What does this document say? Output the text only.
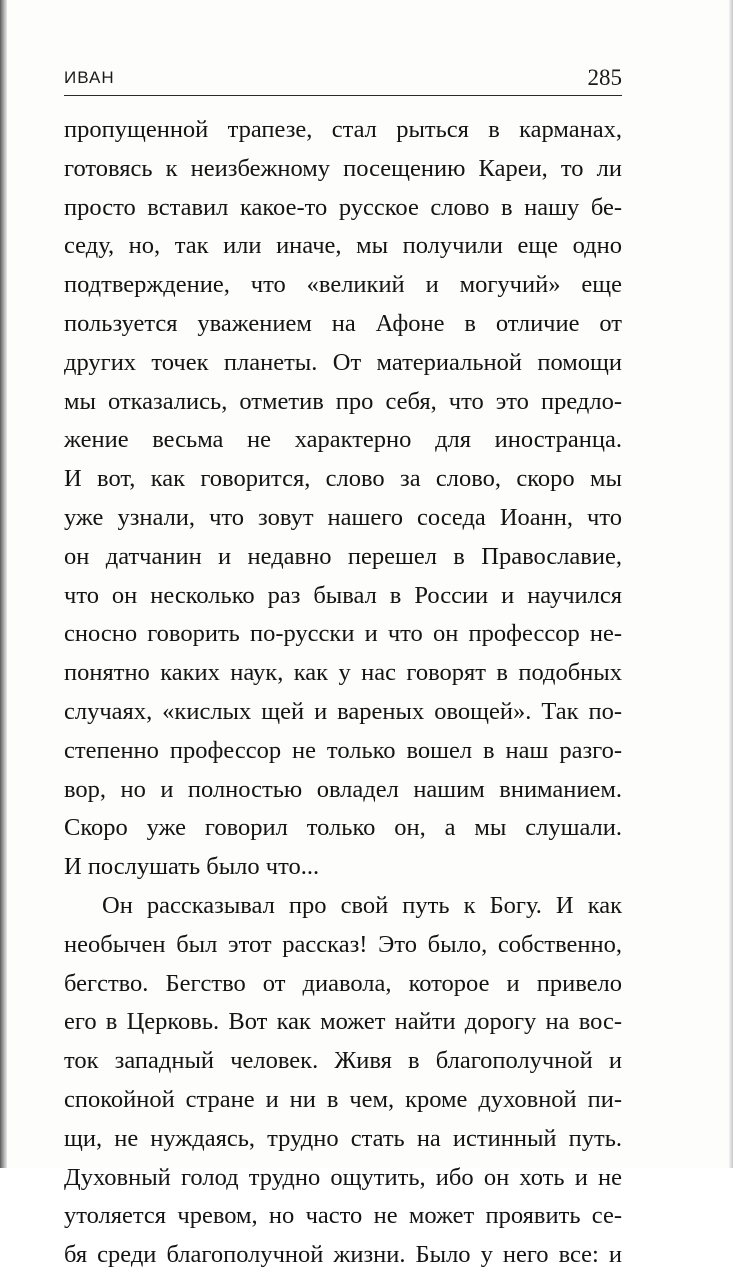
ИВАН	285
пропущенной трапезе, стал рыться в карманах,
готовясь к неизбежному посещению Кареи, то ли
просто вставил какое-то русское слово в нашу бе-
седу, но, так или иначе, мы получили еще одно
подтверждение, что «великий и могучий» еще
пользуется уважением на Афоне в отличие от
других точек планеты. От материальной помощи
мы отказались, отметив про себя, что это предло-
жение весьма не характерно для иностранца.
И вот, как говорится, слово за слово, скоро мы
уже узнали, что зовут нашего соседа Иоанн, что
он датчанин и недавно перешел в Православие,
что он несколько раз бывал в России и научился
сносно говорить по-русски и что он профессор не-
понятно каких наук, как у нас говорят в подобных
случаях, «кислых щей и вареных овощей». Так по-
степенно профессор не только вошел в наш разго-
вор, но и полностью овладел нашим вниманием.
Скоро уже говорил только он, а мы слушали.
И послушать было что...
Он рассказывал про свой путь к Богу. И как
необычен был этот рассказ! Это было, собственно,
бегство. Бегство от диавола, которое и привело
его в Церковь. Вот как может найти дорогу на вос-
ток западный человек. Живя в благополучной и
спокойной стране и ни в чем, кроме духовной пи-
щи, не нуждаясь, трудно стать на истинный путь.
Духовный голод трудно ощутить, ибо он хоть и не
утоляется чревом, но часто не может проявить се-
бя среди благополучной жизни. Было у него все: и
